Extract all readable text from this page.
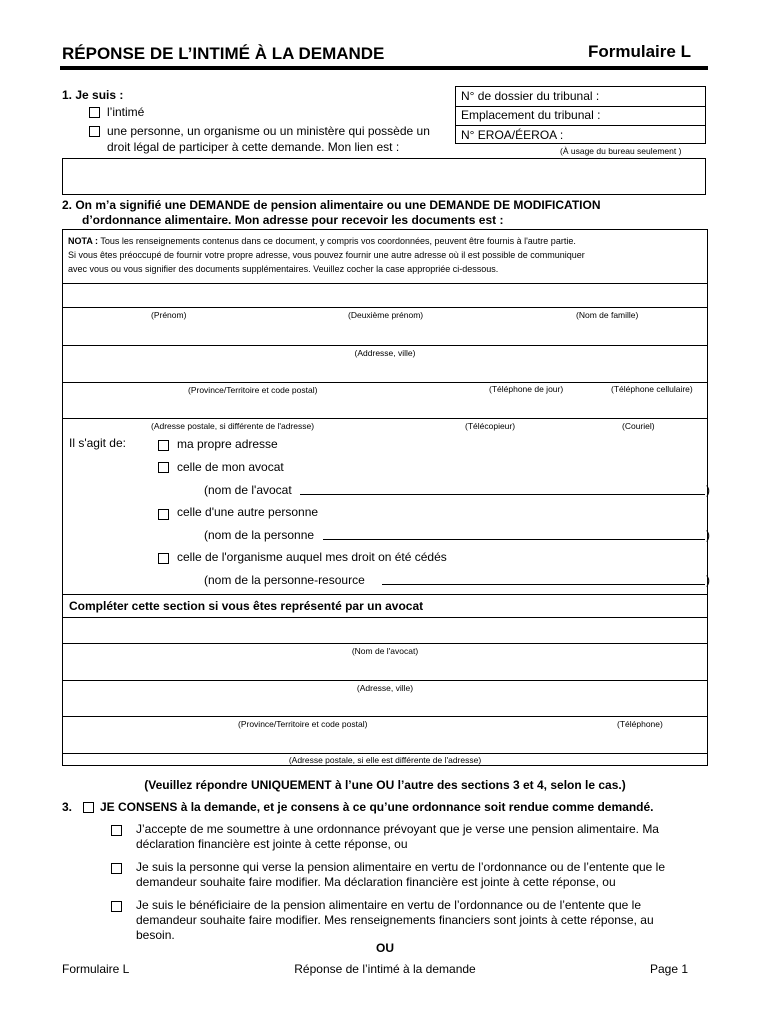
RÉPONSE DE L’INTIMÉ À LA DEMANDE	Formulaire L
1. Je suis :
l’intimé
une personne, un organisme ou un ministère qui possède un
droit légal de participer à cette demande. Mon lien est :
N° de dossier du tribunal :
Emplacement du tribunal :
N° EROA/ÉEROA :
(À usage du bureau seulement )
2. On m’a signifié une DEMANDE de pension alimentaire ou une DEMANDE DE MODIFICATION
d’ordonnance alimentaire. Mon adresse pour recevoir les documents est :
NOTA : Tous les renseignements contenus dans ce document, y compris vos coordonnées, peuvent être fournis à l'autre partie.
Si vous êtes préoccupé de fournir votre propre adresse, vous pouvez fournir une autre adresse où il est possible de communiquer
avec vous ou vous signifier des documents supplémentaires. Veuillez cocher la case appropriée ci-dessous.
(Prénom)	(Deuxième prénom)	(Nom de famille)
(Addresse, ville)
(Province/Territoire et code postal)	(Téléphone de jour)	(Téléphone cellulaire)
(Adresse postale, si différente de l'adresse)	(Télécopieur)	(Couriel)
Il s'agit de:	ma propre adresse
celle de mon avocat
(nom de l'avocat	)
celle d'une autre personne
(nom de la personne	)
celle de l'organisme auquel mes droit on été cédés
(nom de la personne-resource	)
Compléter cette section si vous êtes représenté par un avocat
(Nom de l'avocat)
(Adresse, ville)
(Province/Territoire et code postal)	(Téléphone)
(Adresse postale, si elle est différente de l'adresse)
(Veuillez répondre UNIQUEMENT à l’une OU l’autre des sections 3 et 4, selon le cas.)
3. JE CONSENS à la demande, et je consens à ce qu’une ordonnance soit rendue comme demandé.
J’accepte de me soumettre à une ordonnance prévoyant que je verse une pension alimentaire. Ma
déclaration financière est jointe à cette réponse, ou
Je suis la personne qui verse la pension alimentaire en vertu de l’ordonnance ou de l’entente que le
demandeur souhaite faire modifier. Ma déclaration financière est jointe à cette réponse, ou
Je suis le bénéficiaire de la pension alimentaire en vertu de l’ordonnance ou de l’entente que le
demandeur souhaite faire modifier. Mes renseignements financiers sont joints à cette réponse, au
besoin.
OU
Formulaire L	Réponse de l’intimé à la demande	Page 1
